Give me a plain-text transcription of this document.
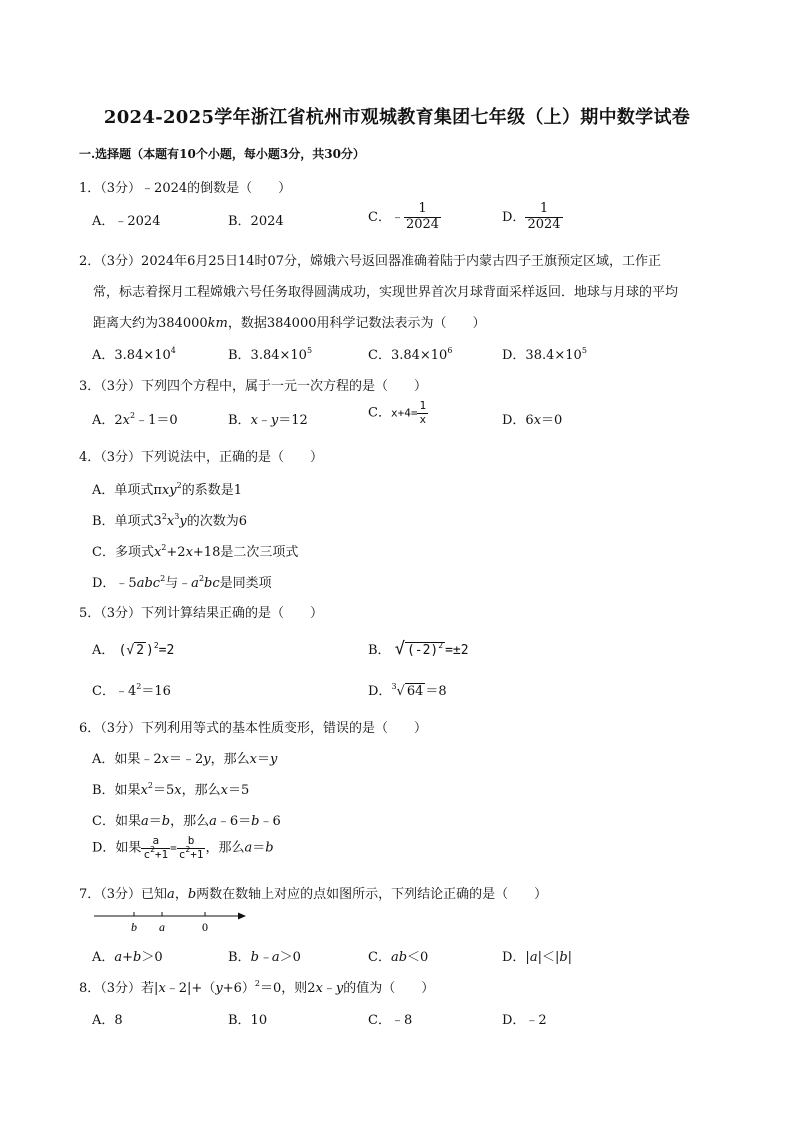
2024-2025学年浙江省杭州市观城教育集团七年级（上）期中数学试卷
一.选择题（本题有10个小题，每小题3分，共30分）
1．（3分）﹣2024的倒数是（　　）
A．﹣2024	B．2024	C．﹣ $\frac{1}{2024}$	D． $\frac{1}{2024}$
2．（3分）2024年6月25日14时07分，嫦娥六号返回器准确着陆于内蒙古四子王旗预定区域，工作正
常，标志着探月工程嫦娥六号任务取得圆满成功，实现世界首次月球背面采样返回．地球与月球的平均
距离大约为384000km，数据384000用科学记数法表示为（　　）
A．$3.84\times 10^4$	B．$3.84\times 10^5$	C．$3.84\times 10^6$	D．$38.4\times 10^5$
3．（3分）下列四个方程中，属于一元一次方程的是（　　）
A．$2x^2﹣1=0$	B．x﹣y＝12	C．$x+4= \frac{1}{x}$	D．6x＝0
4．（3分）下列说法中，正确的是（　　）
A．单项式πxy$^2$的系数是1
B．单项式$3^2x^3y$的次数为6
C．多项式$x^2+2x+18$是二次三项式
D．﹣5abc$^2$与$﹣a^2bc$是同类项
5．（3分）下列计算结果正确的是（　　）
A． (√ 2 )$^2$=2	B． √ $(-2)^2 =\pm 2$
C．$﹣4^2=16$	D．$^3$√ 64 ＝8
6．（3分）下列利用等式的基本性质变形，错误的是（　　）
A．如果﹣2x＝﹣2y，那么x＝y
B．如果$x^2=5x$，那么x＝5
C．如果a＝b，那么a﹣6＝b﹣6
D．如果 $\frac{a}{c^2+1} = \frac{b}{c^2+1}$ ，那么a＝b
7．（3分）已知a，b两数在数轴上对应的点如图所示，下列结论正确的是（　　）
b a	0
A．a+b＞0	B．b﹣a＞0	C．ab＜0	D．|a|＜|b|
8．（3分）若$|x﹣2|+(y+6)^2=0$，则2x﹣y的值为（　　）
A．8	B．10	C．﹣8	D．﹣2
